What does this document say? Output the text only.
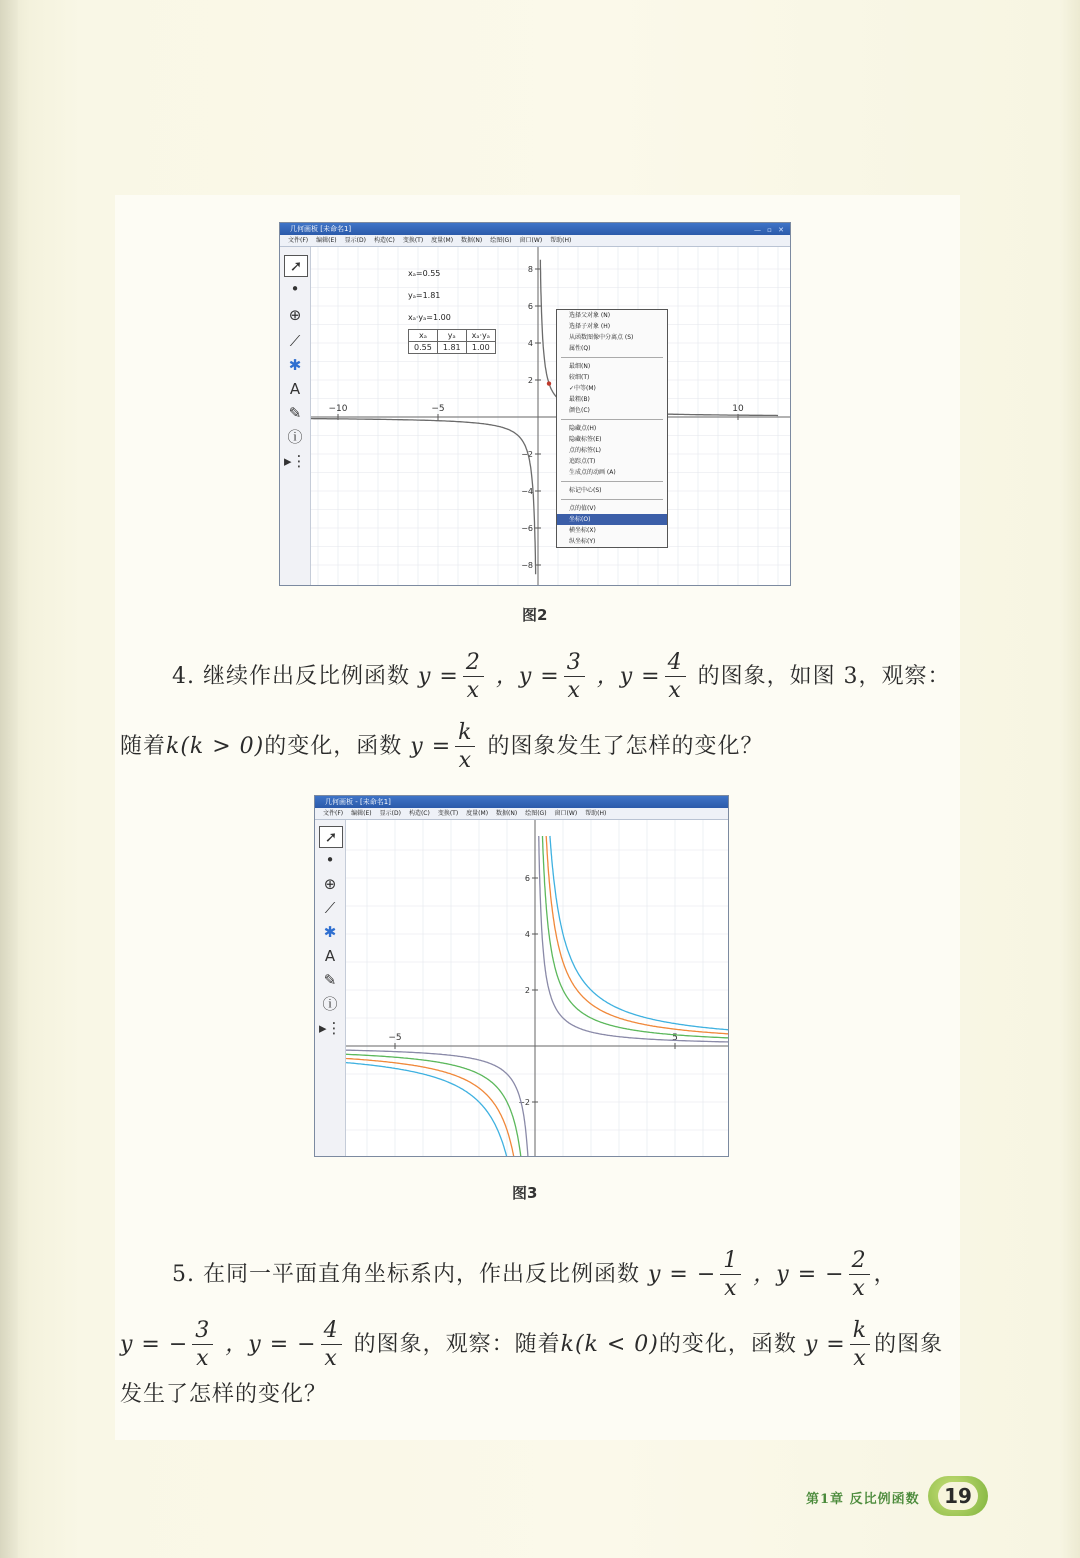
几何画板 [未命名1]	— ▫ ✕
文件(F) 编辑(E) 显示(D) 构造(C) 变换(T) 度量(M) 数据(N) 绘图(G) 窗口(W) 帮助(H)
➚
•
⊕
⟋
✱
A
✎
ⓘ
▸⋮
−10	−5	10
8
6
4
2
−2
−4
−6
−8
xₐ=0.55
yₐ=1.81
xₐ·yₐ=1.00
xₐ	yₐ	xₐ·yₐ
0.55	1.81	1.00
选择父对象 (N)
选择子对象 (H)
从函数图像中分离点 (S)
属性(Q)
最细(N)
较细(T)
✓中等(M)
最粗(B)
颜色(C)
隐藏点(H)
隐藏标签(E)
点的标签(L)
追踪点(T)
生成点的动画 (A)
标记中心(S)
点的值(V)
坐标(O)
横坐标(X)
纵坐标(Y)
图2
4. 继续作出反比例函数 $y = \frac{2}{x}$ ，$y = \frac{3}{x}$ ，$y = \frac{4}{x}$ 的图象，如图 3，观察：
随着k(k > 0)的变化，函数 $y = \frac{k}{x}$ 的图象发生了怎样的变化？
几何画板 - [未命名1]
文件(F) 编辑(E) 显示(D) 构造(C) 变换(T) 度量(M) 数据(N) 绘图(G) 窗口(W) 帮助(H)
➚
•
⊕
⟋
✱
A
✎
ⓘ
▸⋮
−5	5
6
4
2
−2
图3
5. 在同一平面直角坐标系内，作出反比例函数 y = − $\frac{1}{x}$ ，y = − $\frac{2}{x}$ ，
y = − $\frac{3}{x}$ ，y = − $\frac{4}{x}$ 的图象，观察：随着k(k < 0)的变化，函数 $y = \frac{k}{x}$ 的图象
发生了怎样的变化？
第1章 反比例函数	19
